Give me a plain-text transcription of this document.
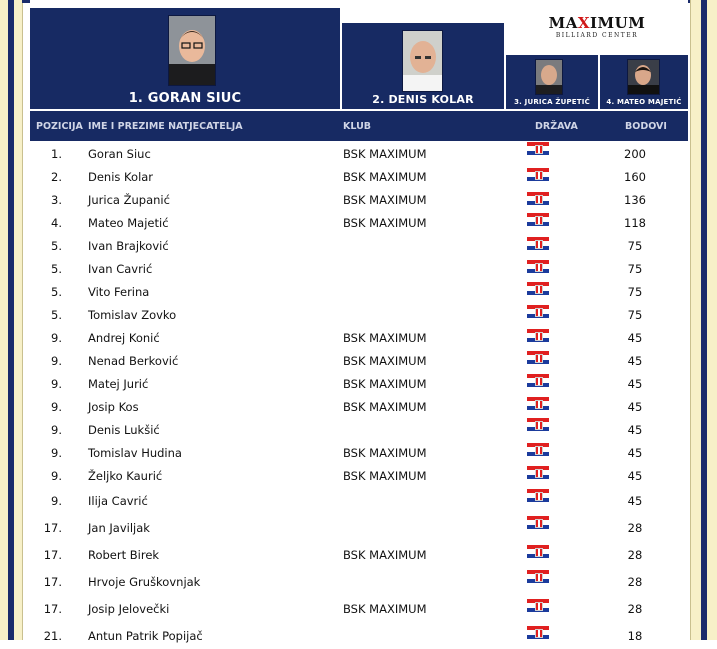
1. GORAN SIUC	2. DENIS KOLAR
MAXIMUM
BILLIARD CENTER
3. JURICA ŽUPETIĆ	4. MATEO MAJETIĆ
POZICIJA IME I PREZIME NATJECATELJA	KLUB	DRŽAVA	BODOVI
1. Goran Siuc	BSK MAXIMUM	200
2. Denis Kolar	BSK MAXIMUM	160
3. Jurica Županić	BSK MAXIMUM	136
4. Mateo Majetić	BSK MAXIMUM	118
5. Ivan Brajković	75
5. Ivan Cavrić	75
5. Vito Ferina	75
5. Tomislav Zovko	75
9. Andrej Konić	BSK MAXIMUM	45
9. Nenad Berković	BSK MAXIMUM	45
9. Matej Jurić	BSK MAXIMUM	45
9. Josip Kos	BSK MAXIMUM	45
9. Denis Lukšić	45
9. Tomislav Hudina	BSK MAXIMUM	45
9. Željko Kaurić	BSK MAXIMUM	45
9. Ilija Cavrić	45
17. Jan Javiljak	28
17. Robert Birek	BSK MAXIMUM	28
17. Hrvoje Gruškovnjak	28
17. Josip Jelovečki	BSK MAXIMUM	28
21. Antun Patrik Popijač	18
